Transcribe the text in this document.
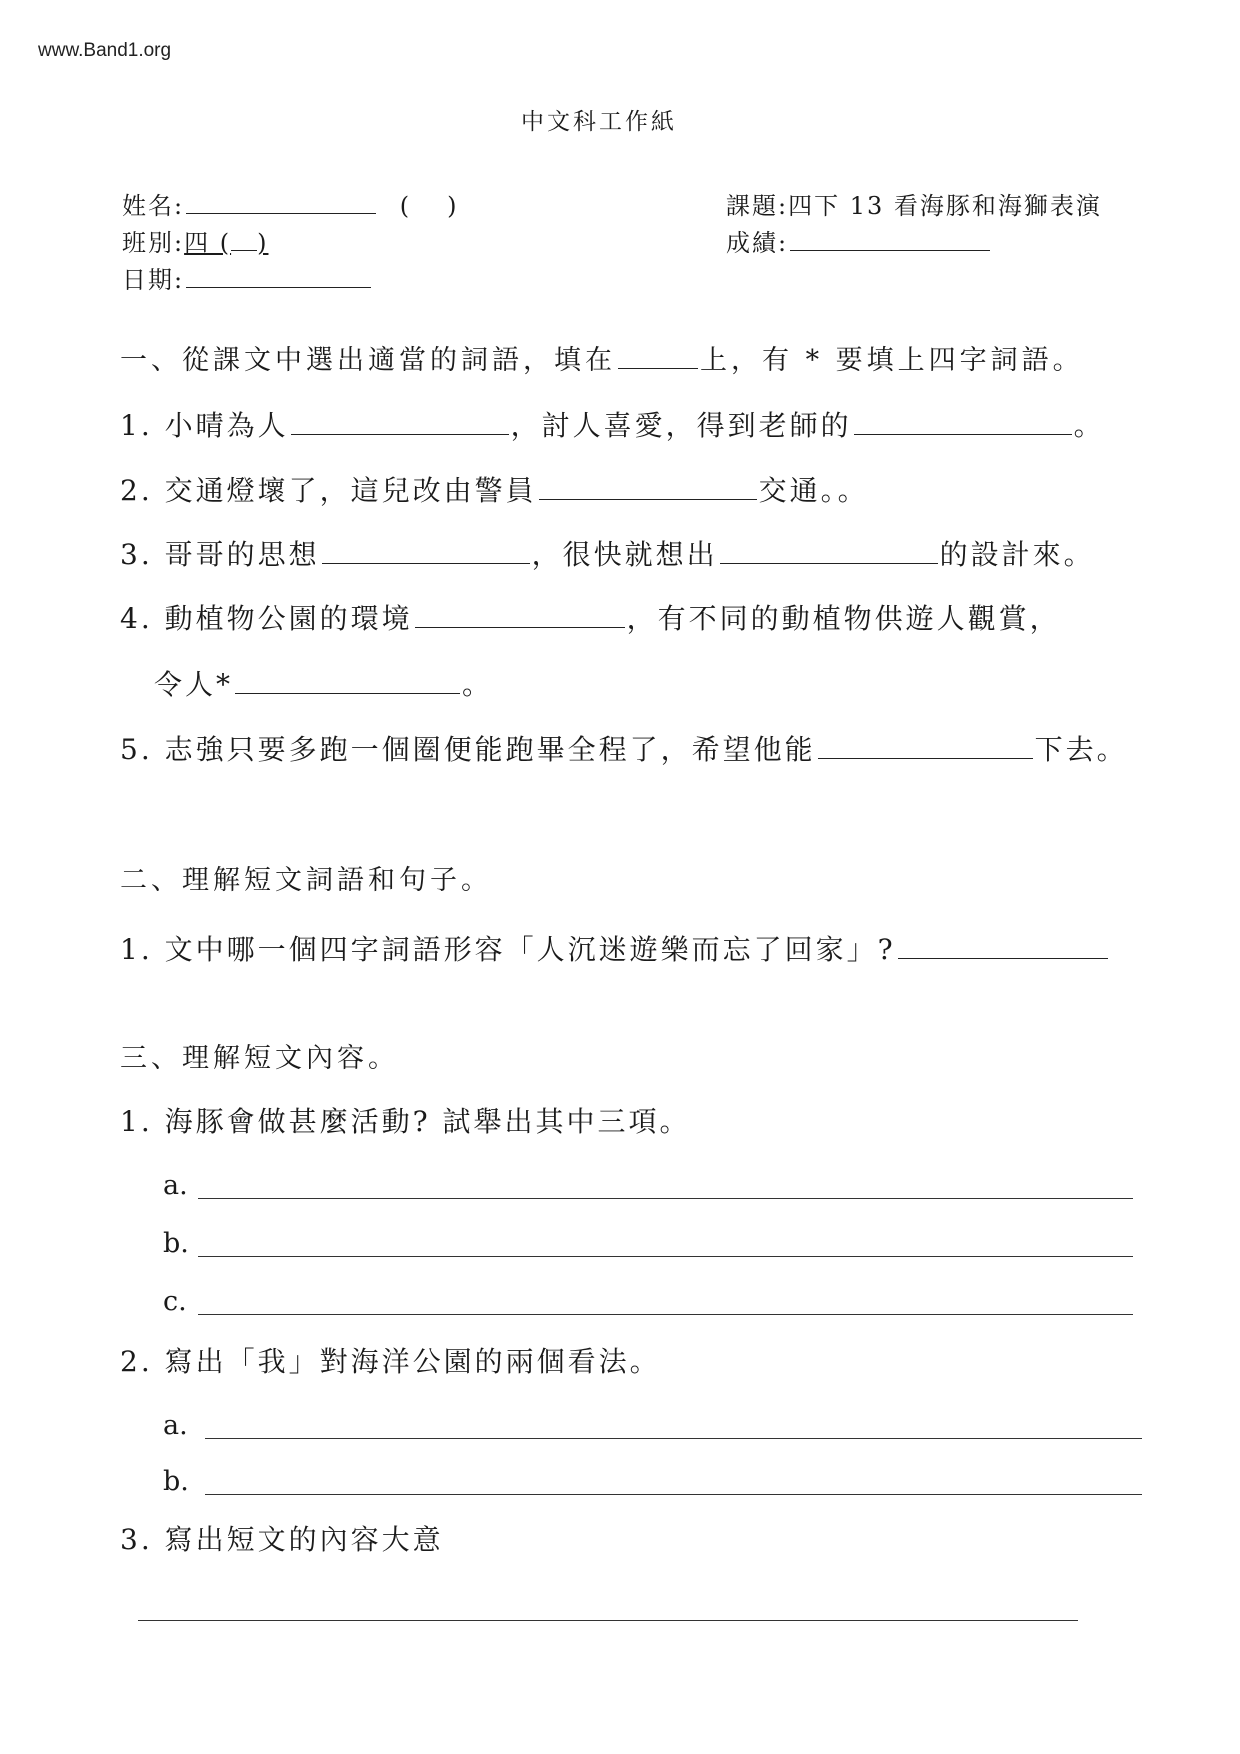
www.Band1.org
中文科工作紙
姓名:	( )
班別:四 ( )
日期:
課題:四下 13 看海豚和海獅表演
成績:
一、從課文中選出適當的詞語，填在	上，有 * 要填上四字詞語。
1. 小晴為人	，討人喜愛，得到老師的	。
2. 交通燈壞了，這兒改由警員	交通。。
3. 哥哥的思想	，很快就想出	的設計來。
4. 動植物公園的環境	，有不同的動植物供遊人觀賞，
令人*	。
5. 志強只要多跑一個圈便能跑畢全程了，希望他能	下去。
二、理解短文詞語和句子。
1. 文中哪一個四字詞語形容「人沉迷遊樂而忘了回家」?
三、理解短文內容。
1. 海豚會做甚麼活動? 試舉出其中三項。
a.
b.
c.
2. 寫出「我」對海洋公園的兩個看法。
a.
b.
3. 寫出短文的內容大意
